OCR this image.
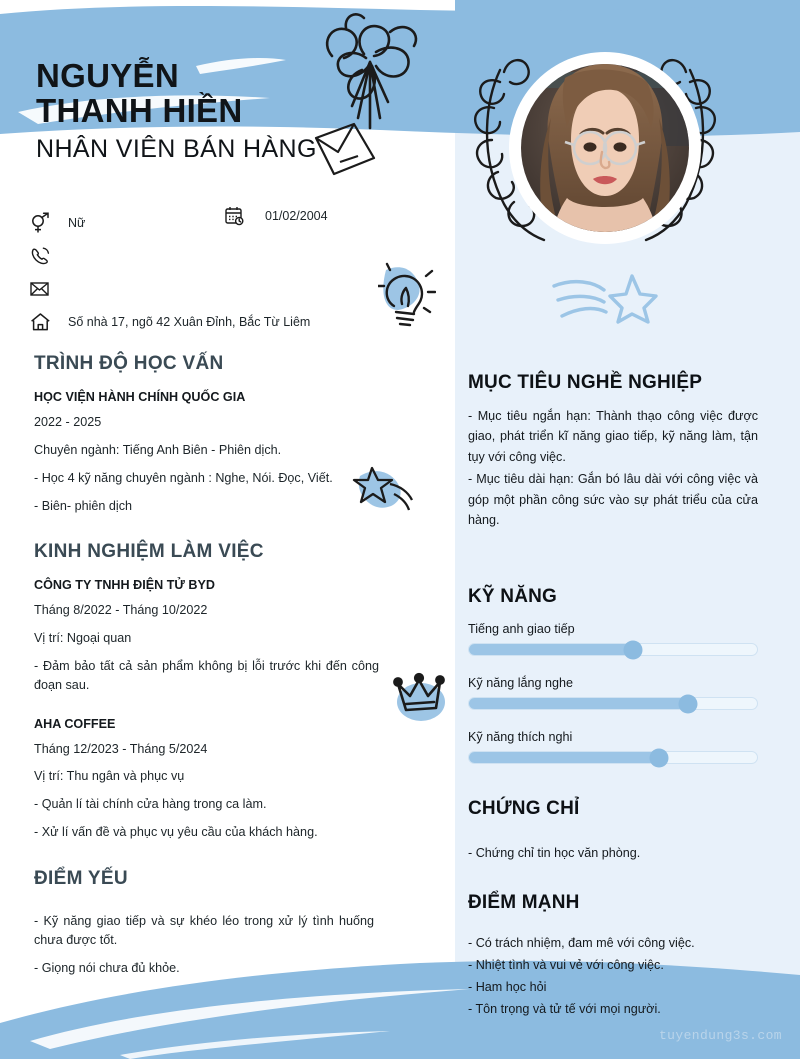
NGUYỄN
THANH HIỀN
NHÂN VIÊN BÁN HÀNG
Nữ	01/02/2004
Số nhà 17, ngõ 42 Xuân Đỉnh, Bắc Từ Liêm
TRÌNH ĐỘ HỌC VẤN
HỌC VIỆN HÀNH CHÍNH QUỐC GIA
2022 - 2025
Chuyên ngành: Tiếng Anh Biên - Phiên dịch.
- Học 4 kỹ năng chuyên ngành : Nghe, Nói. Đọc, Viết.
- Biên- phiên dịch
KINH NGHIỆM LÀM VIỆC
CÔNG TY TNHH ĐIỆN TỬ BYD
Tháng 8/2022 - Tháng 10/2022
Vị trí: Ngoại quan
- Đảm bảo tất cả sản phẩm không bị lỗi trước khi đến công đoạn sau.
AHA COFFEE
Tháng 12/2023 - Tháng 5/2024
Vị trí: Thu ngân và phục vụ
- Quản lí tài chính cửa hàng trong ca làm.
- Xử lí vấn đề và phục vụ yêu cầu của khách hàng.
ĐIỂM YẾU
- Kỹ năng giao tiếp và sự khéo léo trong xử lý tình huống chưa được tốt.
- Giọng nói chưa đủ khỏe.
MỤC TIÊU NGHỀ NGHIỆP
- Mục tiêu ngắn hạn: Thành thạo công việc được giao, phát triển kĩ năng giao tiếp, kỹ năng làm, tận tụy với công việc.
- Mục tiêu dài hạn: Gắn bó lâu dài với công việc và góp một phần công sức vào sự phát triểu của cửa hàng.
KỸ NĂNG
Tiếng anh giao tiếp
Kỹ năng lắng nghe
Kỹ năng thích nghi
CHỨNG CHỈ
- Chứng chỉ tin học văn phòng.
ĐIỂM MẠNH
- Có trách nhiệm, đam mê với công việc.
- Nhiệt tình và vui vẻ với công việc.
- Ham học hỏi
- Tôn trọng và tử tế với mọi người.
tuyendung3s.com
